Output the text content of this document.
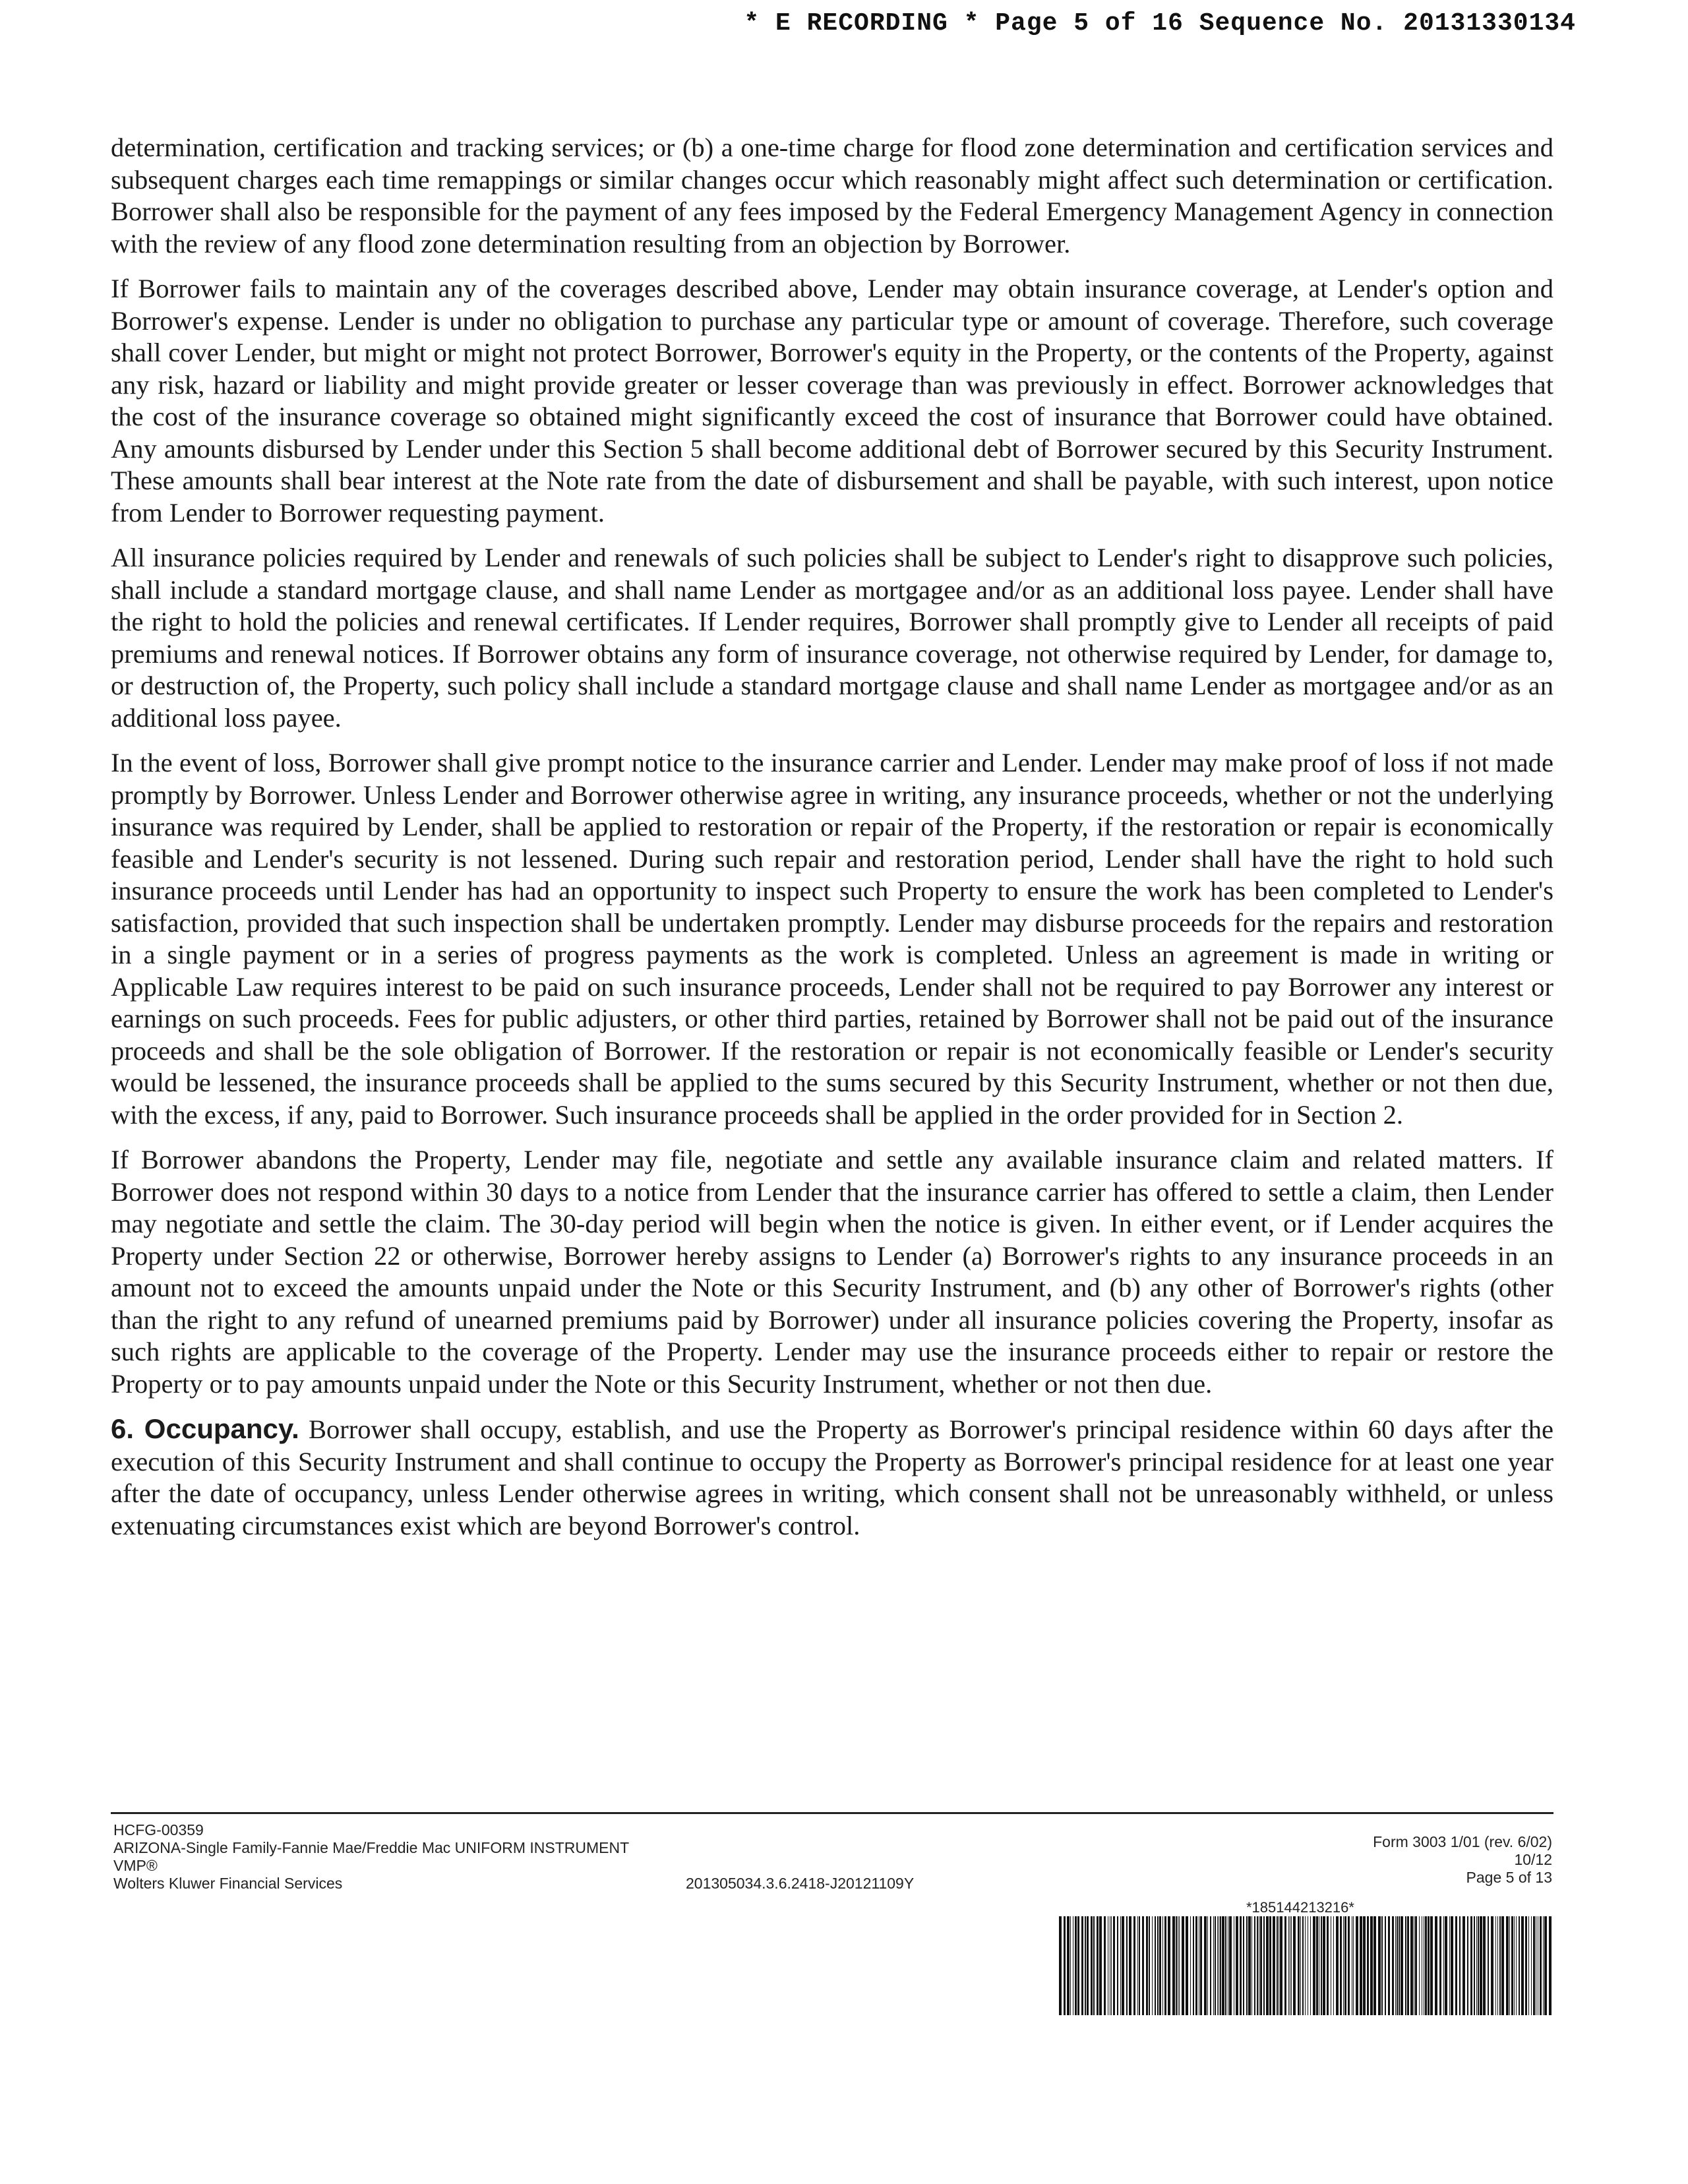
* E RECORDING * Page 5 of 16 Sequence No. 20131330134

determination, certification and tracking services; or (b) a one-time charge for flood zone determination and certification services and subsequent charges each time remappings or similar changes occur which reasonably might affect such determination or certification. Borrower shall also be responsible for the payment of any fees imposed by the Federal Emergency Management Agency in connection with the review of any flood zone determination resulting from an objection by Borrower.

If Borrower fails to maintain any of the coverages described above, Lender may obtain insurance coverage, at Lender's option and Borrower's expense. Lender is under no obligation to purchase any particular type or amount of coverage. Therefore, such coverage shall cover Lender, but might or might not protect Borrower, Borrower's equity in the Property, or the contents of the Property, against any risk, hazard or liability and might provide greater or lesser coverage than was previously in effect. Borrower acknowledges that the cost of the insurance coverage so obtained might significantly exceed the cost of insurance that Borrower could have obtained. Any amounts disbursed by Lender under this Section 5 shall become additional debt of Borrower secured by this Security Instrument. These amounts shall bear interest at the Note rate from the date of disbursement and shall be payable, with such interest, upon notice from Lender to Borrower requesting payment.

All insurance policies required by Lender and renewals of such policies shall be subject to Lender's right to disapprove such policies, shall include a standard mortgage clause, and shall name Lender as mortgagee and/or as an additional loss payee. Lender shall have the right to hold the policies and renewal certificates. If Lender requires, Borrower shall promptly give to Lender all receipts of paid premiums and renewal notices. If Borrower obtains any form of insurance coverage, not otherwise required by Lender, for damage to, or destruction of, the Property, such policy shall include a standard mortgage clause and shall name Lender as mortgagee and/or as an additional loss payee.

In the event of loss, Borrower shall give prompt notice to the insurance carrier and Lender. Lender may make proof of loss if not made promptly by Borrower. Unless Lender and Borrower otherwise agree in writing, any insurance proceeds, whether or not the underlying insurance was required by Lender, shall be applied to restoration or repair of the Property, if the restoration or repair is economically feasible and Lender's security is not lessened. During such repair and restoration period, Lender shall have the right to hold such insurance proceeds until Lender has had an opportunity to inspect such Property to ensure the work has been completed to Lender's satisfaction, provided that such inspection shall be undertaken promptly. Lender may disburse proceeds for the repairs and restoration in a single payment or in a series of progress payments as the work is completed. Unless an agreement is made in writing or Applicable Law requires interest to be paid on such insurance proceeds, Lender shall not be required to pay Borrower any interest or earnings on such proceeds. Fees for public adjusters, or other third parties, retained by Borrower shall not be paid out of the insurance proceeds and shall be the sole obligation of Borrower. If the restoration or repair is not economically feasible or Lender's security would be lessened, the insurance proceeds shall be applied to the sums secured by this Security Instrument, whether or not then due, with the excess, if any, paid to Borrower. Such insurance proceeds shall be applied in the order provided for in Section 2.

If Borrower abandons the Property, Lender may file, negotiate and settle any available insurance claim and related matters. If Borrower does not respond within 30 days to a notice from Lender that the insurance carrier has offered to settle a claim, then Lender may negotiate and settle the claim. The 30-day period will begin when the notice is given. In either event, or if Lender acquires the Property under Section 22 or otherwise, Borrower hereby assigns to Lender (a) Borrower's rights to any insurance proceeds in an amount not to exceed the amounts unpaid under the Note or this Security Instrument, and (b) any other of Borrower's rights (other than the right to any refund of unearned premiums paid by Borrower) under all insurance policies covering the Property, insofar as such rights are applicable to the coverage of the Property. Lender may use the insurance proceeds either to repair or restore the Property or to pay amounts unpaid under the Note or this Security Instrument, whether or not then due.

6. Occupancy. Borrower shall occupy, establish, and use the Property as Borrower's principal residence within 60 days after the execution of this Security Instrument and shall continue to occupy the Property as Borrower's principal residence for at least one year after the date of occupancy, unless Lender otherwise agrees in writing, which consent shall not be unreasonably withheld, or unless extenuating circumstances exist which are beyond Borrower's control.

HCFG-00359
ARIZONA-Single Family-Fannie Mae/Freddie Mac UNIFORM INSTRUMENT
VMP®
Wolters Kluwer Financial Services	201305034.3.6.2418-J20121109Y
Form 3003 1/01 (rev. 6/02)
10/12
Page 5 of 13
*185144213216*
